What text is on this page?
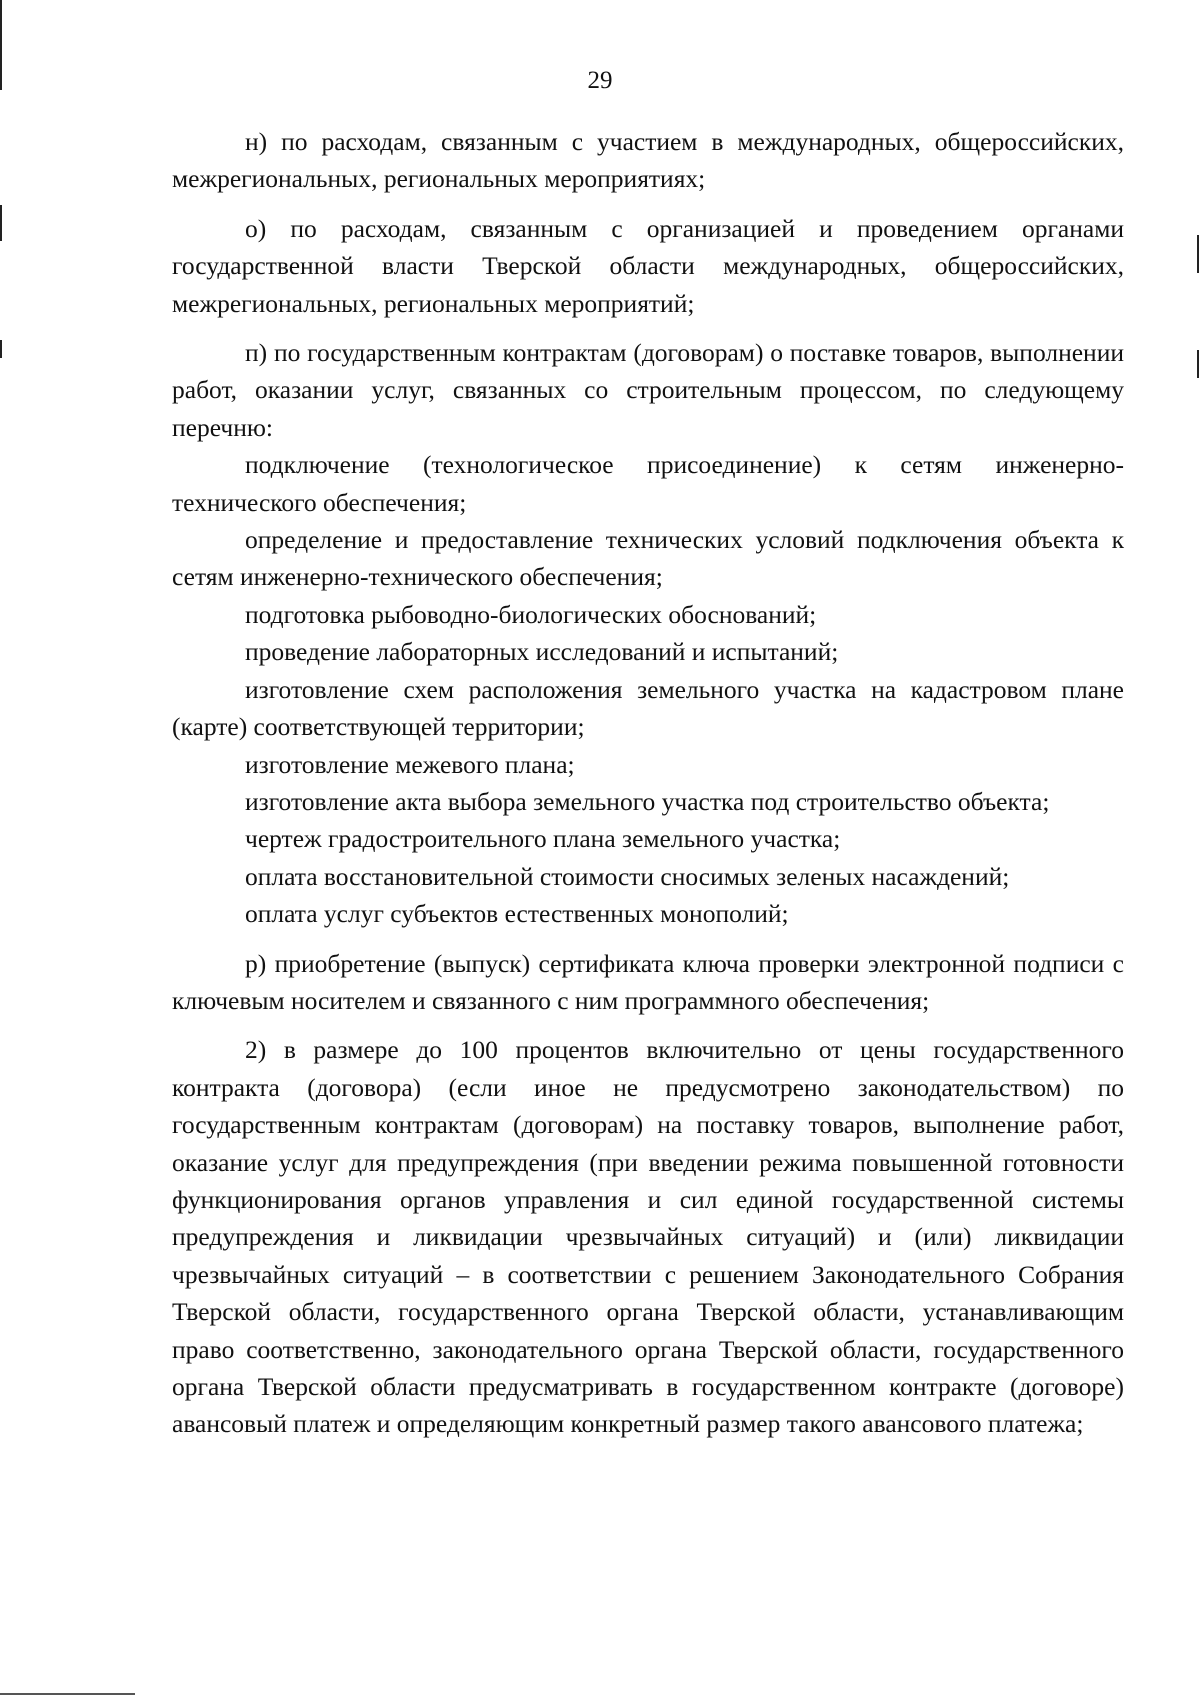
29

н) по расходам, связанным с участием в международных, общероссийских, межрегиональных, региональных мероприятиях;

о) по расходам, связанным с организацией и проведением органами государственной власти Тверской области международных, общероссийских, межрегиональных, региональных мероприятий;

п) по государственным контрактам (договорам) о поставке товаров, выполнении работ, оказании услуг, связанных со строительным процессом, по следующему перечню:

подключение (технологическое присоединение) к сетям инженерно-технического обеспечения;

определение и предоставление технических условий подключения объекта к сетям инженерно-технического обеспечения;

подготовка рыбоводно-биологических обоснований;

проведение лабораторных исследований и испытаний;

изготовление схем расположения земельного участка на кадастровом плане (карте) соответствующей территории;

изготовление межевого плана;

изготовление акта выбора земельного участка под строительство объекта;

чертеж градостроительного плана земельного участка;

оплата восстановительной стоимости сносимых зеленых насаждений;

оплата услуг субъектов естественных монополий;

р) приобретение (выпуск) сертификата ключа проверки электронной подписи с ключевым носителем и связанного с ним программного обеспечения;

2) в размере до 100 процентов включительно от цены государственного контракта (договора) (если иное не предусмотрено законодательством) по государственным контрактам (договорам) на поставку товаров, выполнение работ, оказание услуг для предупреждения (при введении режима повышенной готовности функционирования органов управления и сил единой государственной системы предупреждения и ликвидации чрезвычайных ситуаций) и (или) ликвидации чрезвычайных ситуаций – в соответствии с решением Законодательного Собрания Тверской области, государственного органа Тверской области, устанавливающим право соответственно, законодательного органа Тверской области, государственного органа Тверской области предусматривать в государственном контракте (договоре) авансовый платеж и определяющим конкретный размер такого авансового платежа;
